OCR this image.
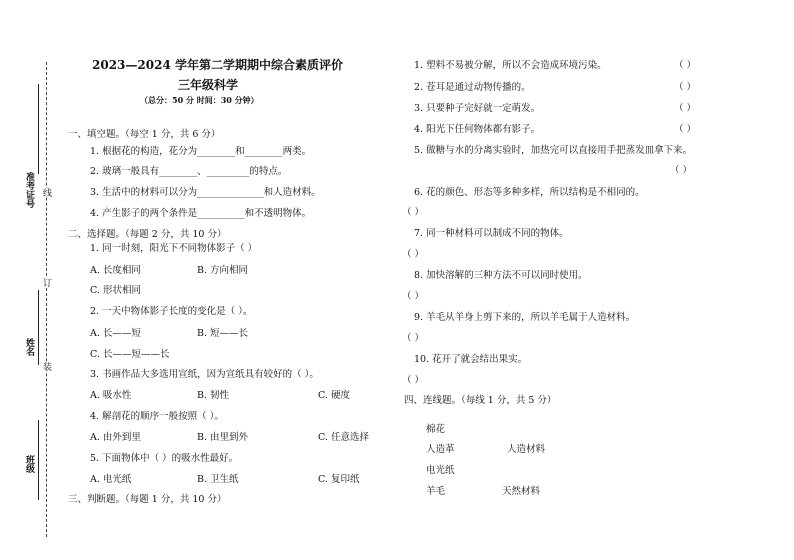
准考证号
姓名
班级
线
订
装
2023—2024 学年第二学期期中综合素质评价
三年级科学
（总分：50 分 时间：30 分钟）
一、填空题。（每空 1 分，共 6 分）
1. 根据花的构造，花分为________和________两类。
2. 玻璃一般具有________、_________的特点。
3. 生活中的材料可以分为______________和人造材料。
4. 产生影子的两个条件是__________和不透明物体。
二、选择题。（每题 2 分，共 10 分）
1. 同一时刻，阳光下不同物体影子（ ）
A. 长度相同	B. 方向相同
C. 形状相同
2. 一天中物体影子长度的变化是（ ）。
A. 长——短	B. 短——长
C. 长——短——长
3. 书画作品大多选用宣纸，因为宣纸具有较好的（ ）。
A. 吸水性	B. 韧性	C. 硬度
4. 解剖花的顺序一般按照（ ）。
A. 由外到里	B. 由里到外	C. 任意选择
5. 下面物体中（ ）的吸水性最好。
A. 电光纸	B. 卫生纸	C. 复印纸
三、判断题。（每题 1 分，共 10 分）
1. 塑料不易被分解，所以不会造成环境污染。	（ ）
2. 苍耳是通过动物传播的。	（ ）
3. 只要种子完好就一定萌发。	（ ）
4. 阳光下任何物体都有影子。	（ ）
5. 做糖与水的分离实验时，加热完可以直接用手把蒸发皿拿下来。
（ ）
6. 花的颜色、形态等多种多样，所以结构是不相同的。
（ ）
7. 同一种材料可以制成不同的物体。
（ ）
8. 加快溶解的三种方法不可以同时使用。
（ ）
9. 羊毛从羊身上剪下来的，所以羊毛属于人造材料。
（ ）
10. 花开了就会结出果实。
（ ）
四、连线题。（每线 1 分，共 5 分）
棉花
人造革	人造材料
电光纸
羊毛	天然材料
